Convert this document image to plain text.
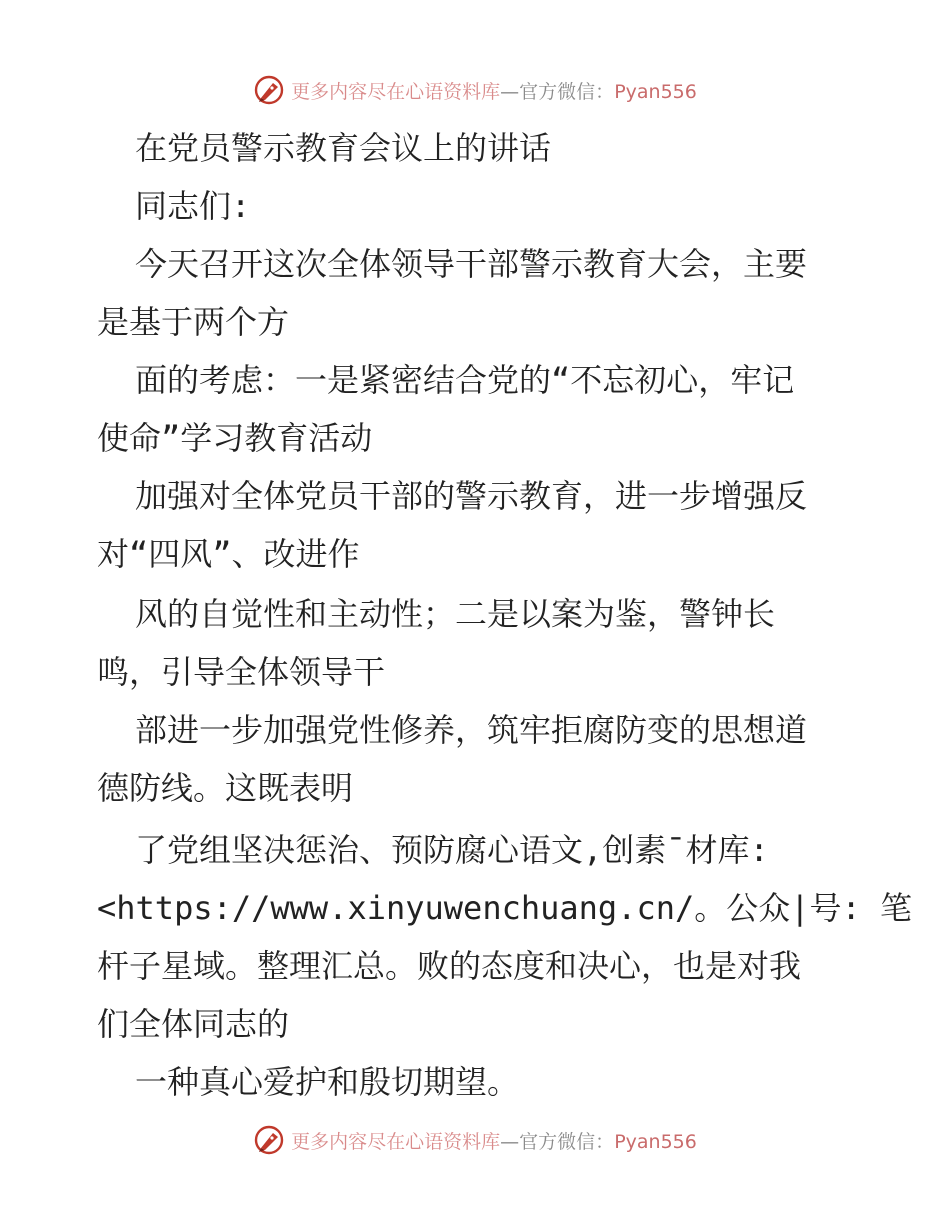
更多内容尽在心语资料库—官方微信：Pyan556
在党员警示教育会议上的讲话
同志们:
今天召开这次全体领导干部警示教育大会，主要
是基于两个方
面的考虑：一是紧密结合党的“不忘初心，牢记
使命”学习教育活动
加强对全体党员干部的警示教育，进一步增强反
对“四风”、改进作
风的自觉性和主动性；二是以案为鉴，警钟长
鸣，引导全体领导干
部进一步加强党性修养，筑牢拒腐防变的思想道
德防线。这既表明
了党组坚决惩治、预防腐心语文,创素¯材库:
<https://www.xinyuwenchuang.cn/。公众|号: 笔
杆子星域。整理汇总。败的态度和决心，也是对我
们全体同志的
一种真心爱护和殷切期望。
更多内容尽在心语资料库—官方微信：Pyan556
